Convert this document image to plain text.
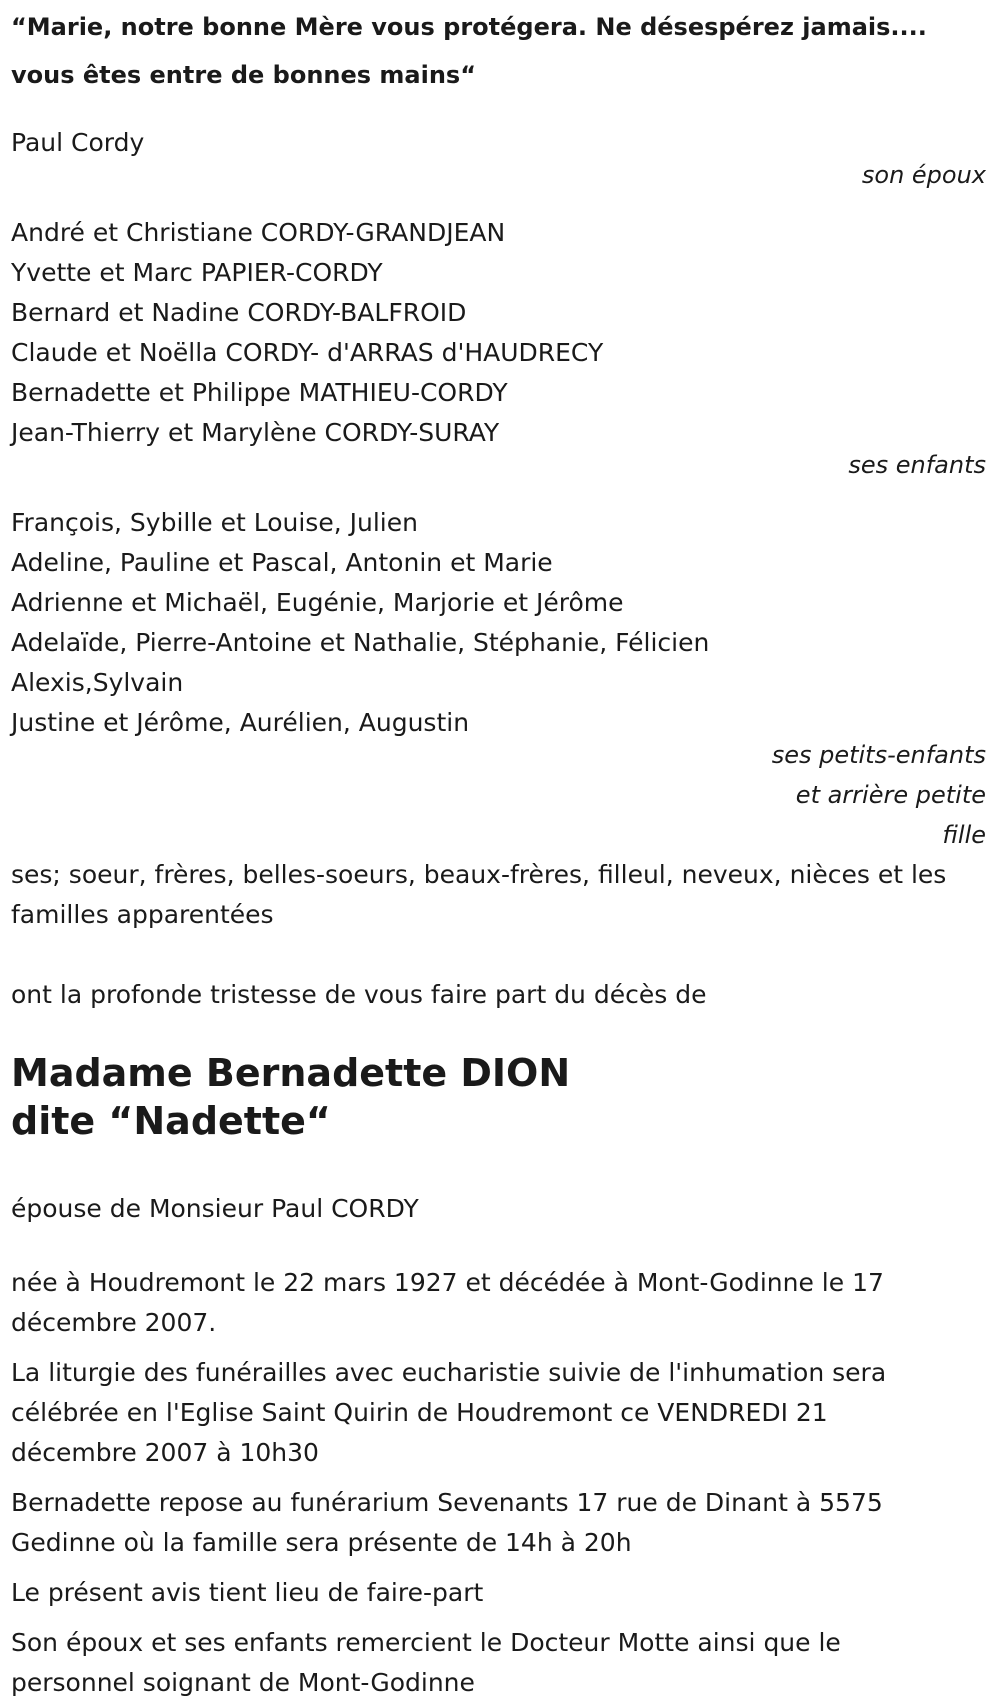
“Marie, notre bonne Mère vous protégera. Ne désespérez jamais....
vous êtes entre de bonnes mains“
Paul Cordy
son époux
André et Christiane CORDY-GRANDJEAN
Yvette et Marc PAPIER-CORDY
Bernard et Nadine CORDY-BALFROID
Claude et Noëlla CORDY- d'ARRAS d'HAUDRECY
Bernadette et Philippe MATHIEU-CORDY
Jean-Thierry et Marylène CORDY-SURAY
ses enfants
François, Sybille et Louise, Julien
Adeline, Pauline et Pascal, Antonin et Marie
Adrienne et Michaël, Eugénie, Marjorie et Jérôme
Adelaïde, Pierre-Antoine et Nathalie, Stéphanie, Félicien
Alexis,Sylvain
Justine et Jérôme, Aurélien, Augustin
ses petits-enfants
et arrière petite
fille
ses; soeur, frères, belles-soeurs, beaux-frères, filleul, neveux, nièces et les
familles apparentées
ont la profonde tristesse de vous faire part du décès de
Madame Bernadette DION
dite “Nadette“
épouse de Monsieur Paul CORDY
née à Houdremont le 22 mars 1927 et décédée à Mont-Godinne le 17
décembre 2007.
La liturgie des funérailles avec eucharistie suivie de l'inhumation sera
célébrée en l'Eglise Saint Quirin de Houdremont ce VENDREDI 21
décembre 2007 à 10h30
Bernadette repose au funérarium Sevenants 17 rue de Dinant à 5575
Gedinne où la famille sera présente de 14h à 20h
Le présent avis tient lieu de faire-part
Son époux et ses enfants remercient le Docteur Motte ainsi que le
personnel soignant de Mont-Godinne
